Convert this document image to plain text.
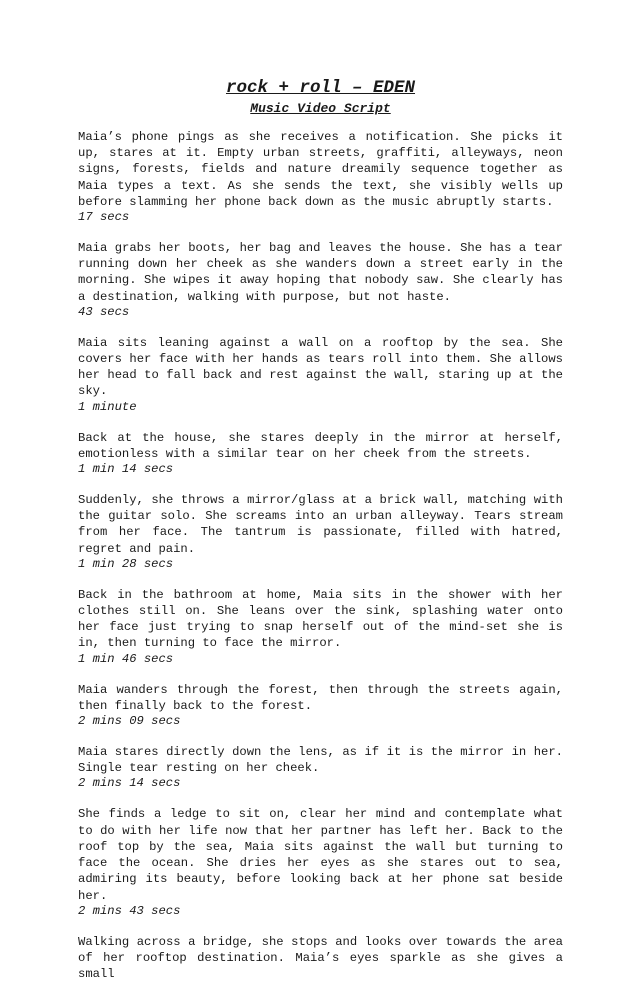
rock + roll – EDEN
Music Video Script

Maia’s phone pings as she receives a notification. She picks it up, stares at it. Empty urban streets, graffiti, alleyways, neon signs, forests, fields and nature dreamily sequence together as Maia types a text. As she sends the text, she visibly wells up before slamming her phone back down as the music abruptly starts.

17 secs

Maia grabs her boots, her bag and leaves the house. She has a tear running down her cheek as she wanders down a street early in the morning. She wipes it away hoping that nobody saw. She clearly has a destination, walking with purpose, but not haste.

43 secs

Maia sits leaning against a wall on a rooftop by the sea. She covers her face with her hands as tears roll into them. She allows her head to fall back and rest against the wall, staring up at the sky.

1 minute

Back at the house, she stares deeply in the mirror at herself, emotionless with a similar tear on her cheek from the streets.

1 min 14 secs

Suddenly, she throws a mirror/glass at a brick wall, matching with the guitar solo. She screams into an urban alleyway. Tears stream from her face. The tantrum is passionate, filled with hatred, regret and pain.

1 min 28 secs

Back in the bathroom at home, Maia sits in the shower with her clothes still on. She leans over the sink, splashing water onto her face just trying to snap herself out of the mind-set she is in, then turning to face the mirror.

1 min 46 secs

Maia wanders through the forest, then through the streets again, then finally back to the forest.

2 mins 09 secs

Maia stares directly down the lens, as if it is the mirror in her. Single tear resting on her cheek.

2 mins 14 secs

She finds a ledge to sit on, clear her mind and contemplate what to do with her life now that her partner has left her. Back to the roof top by the sea, Maia sits against the wall but turning to face the ocean. She dries her eyes as she stares out to sea, admiring its beauty, before looking back at her phone sat beside her.

2 mins 43 secs

Walking across a bridge, she stops and looks over towards the area of her rooftop destination. Maia’s eyes sparkle as she gives a small
